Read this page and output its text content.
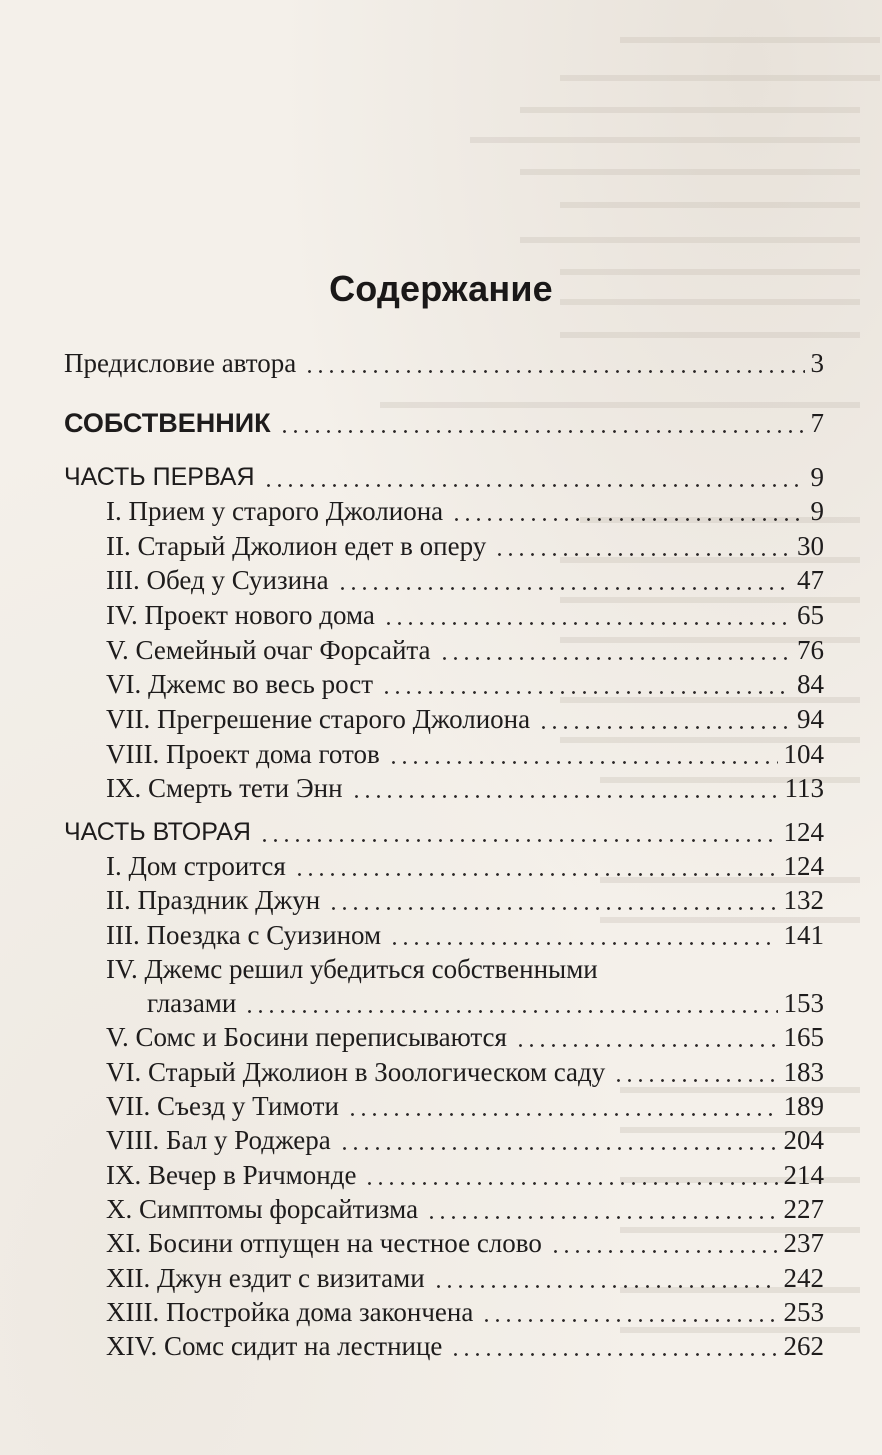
Содержание
Предисловие автора	3
СОБСТВЕННИК	7
ЧАСТЬ ПЕРВАЯ	9
I. Прием у старого Джолиона	9
II. Старый Джолион едет в оперу	30
III. Обед у Суизина	47
IV. Проект нового дома	65
V. Семейный очаг Форсайта	76
VI. Джемс во весь рост	84
VII. Прегрешение старого Джолиона	94
VIII. Проект дома готов	104
IX. Смерть тети Энн	113
ЧАСТЬ ВТОРАЯ	124
I. Дом строится	124
II. Праздник Джун	132
III. Поездка с Суизином	141
IV. Джемс решил убедиться собственными
глазами	153
V. Сомс и Босини переписываются	165
VI. Старый Джолион в Зоологическом саду	183
VII. Съезд у Тимоти	189
VIII. Бал у Роджера	204
IX. Вечер в Ричмонде	214
X. Симптомы форсайтизма	227
XI. Босини отпущен на честное слово	237
XII. Джун ездит с визитами	242
XIII. Постройка дома закончена	253
XIV. Сомс сидит на лестнице	262
